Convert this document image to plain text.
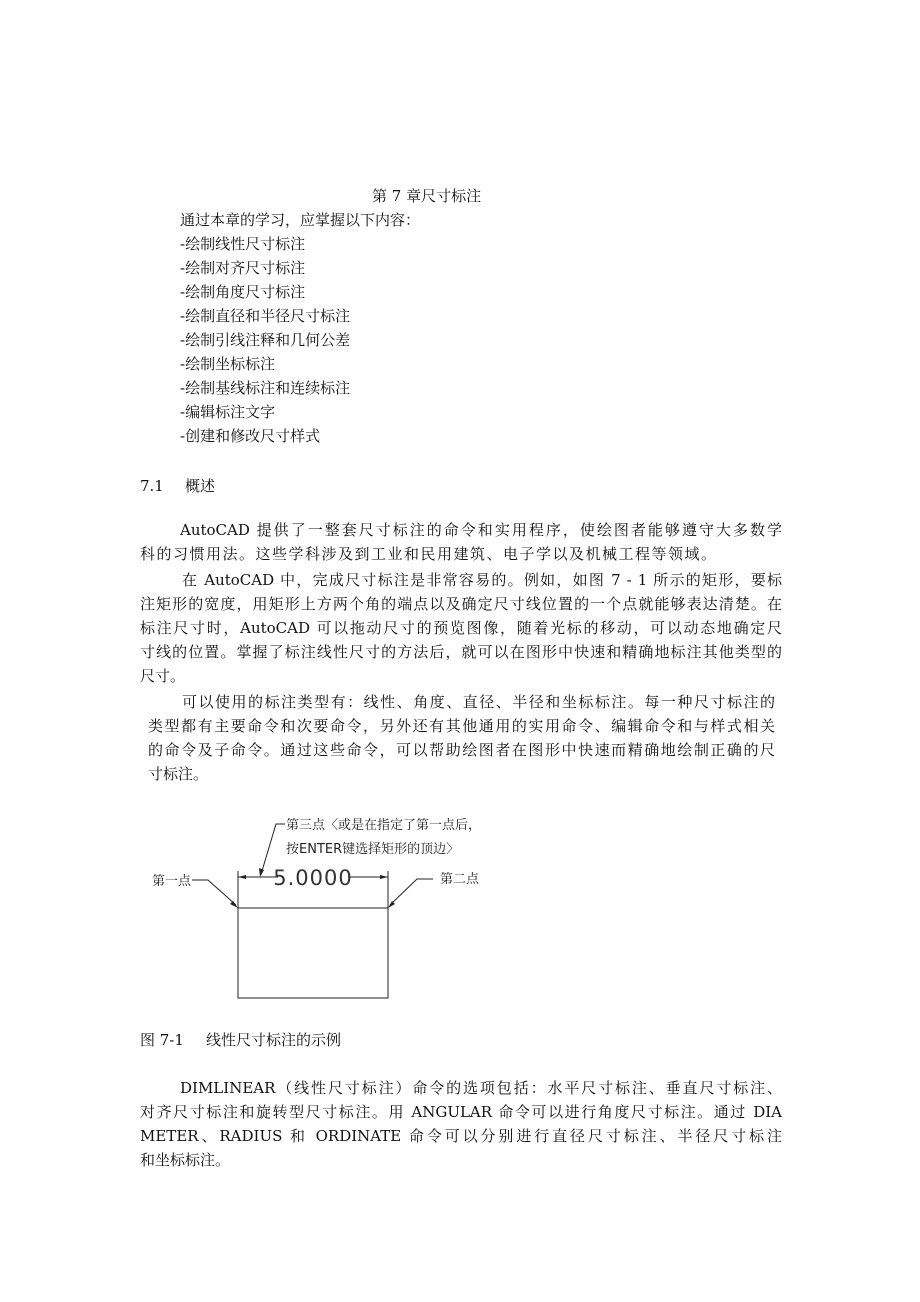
第 7 章尺寸标注
通过本章的学习，应掌握以下内容：
-绘制线性尺寸标注
-绘制对齐尺寸标注
-绘制角度尺寸标注
-绘制直径和半径尺寸标注
-绘制引线注释和几何公差
-绘制坐标标注
-绘制基线标注和连续标注
-编辑标注文字
-创建和修改尺寸样式
7.1 概述
AutoCAD 提供了一整套尺寸标注的命令和实用程序，使绘图者能够遵守大多数学
科的习惯用法。这些学科涉及到工业和民用建筑、电子学以及机械工程等领域。
在 AutoCAD 中，完成尺寸标注是非常容易的。例如，如图 7 - 1 所示的矩形，要标
注矩形的宽度，用矩形上方两个角的端点以及确定尺寸线位置的一个点就能够表达清楚。在
标注尺寸时，AutoCAD 可以拖动尺寸的预览图像，随着光标的移动，可以动态地确定尺
寸线的位置。掌握了标注线性尺寸的方法后，就可以在图形中快速和精确地标注其他类型的
尺寸。
可以使用的标注类型有：线性、角度、直径、半径和坐标标注。每一种尺寸标注的
类型都有主要命令和次要命令，另外还有其他通用的实用命令、编辑命令和与样式相关
的命令及子命令。通过这些命令，可以帮助绘图者在图形中快速而精确地绘制正确的尺
寸标注。
5.0000
第三点〈或是在指定了第一点后，
按ENTER键选择矩形的顶边〉
第一点	第二点
图 7-1 线性尺寸标注的示例
DIMLINEAR（线性尺寸标注）命令的选项包括：水平尺寸标注、垂直尺寸标注、
对齐尺寸标注和旋转型尺寸标注。用 ANGULAR 命令可以进行角度尺寸标注。通过 DIA
METER、RADIUS 和 ORDINATE 命令可以分别进行直径尺寸标注、半径尺寸标注
和坐标标注。
